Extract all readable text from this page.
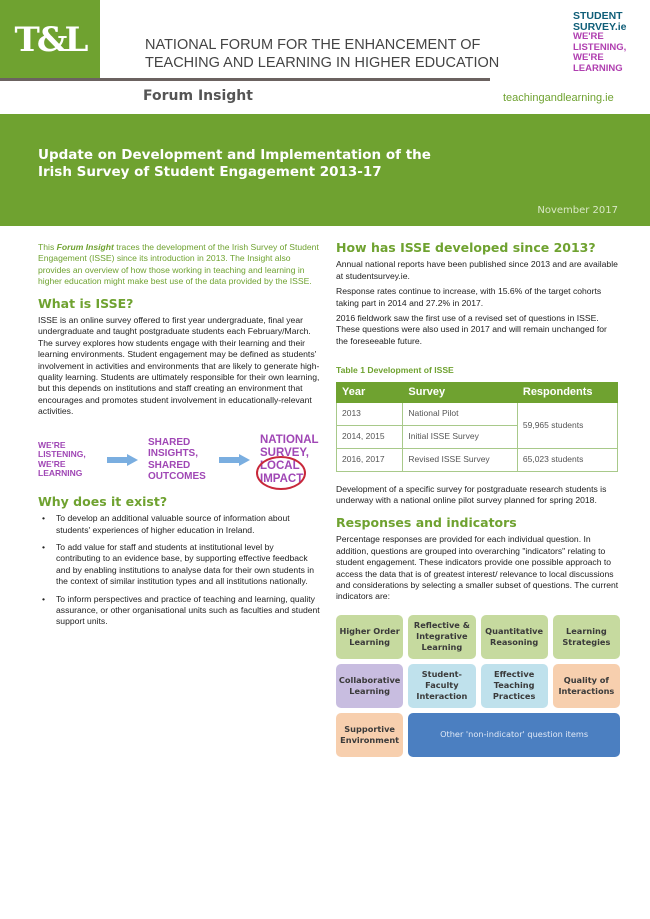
T&L	NATIONAL FORUM FOR THE ENHANCEMENT OF
TEACHING AND LEARNING IN HIGHER EDUCATION
STUDENT
SURVEY.ie
WE'RE
LISTENING,
WE'RE
LEARNING
Forum Insight	teachingandlearning.ie
Update on Development and Implementation of the
Irish Survey of Student Engagement 2013-17
November 2017

This Forum Insight traces the development of the Irish Survey of Student Engagement (ISSE) since its introduction in 2013. The Insight also provides an overview of how those working in teaching and learning in higher education might make best use of the data provided by the ISSE.

What is ISSE?

ISSE is an online survey offered to first year undergraduate, final year undergraduate and taught postgraduate students each February/March. The survey explores how students engage with their learning and their learning environments. Student engagement may be defined as students' involvement in activities and environments that are likely to generate high-quality learning. Students are ultimately responsible for their own learning, but this depends on institutions and staff creating an environment that encourages and promotes student involvement in educationally-relevant activities.

WE'RE LISTENING, WE'RE LEARNING
SHARED INSIGHTS, SHARED OUTCOMES
NATIONAL SURVEY, LOCAL IMPACT
Why does it exist?
• To develop an additional valuable source of information about students' experiences of higher education in Ireland.
• To add value for staff and students at institutional level by contributing to an evidence base, by supporting effective feedback and by enabling institutions to analyse data for their own students in the context of similar institution types and all institutions nationally.
• To inform perspectives and practice of teaching and learning, quality assurance, or other organisational units such as faculties and student support units.
How has ISSE developed since 2013?

Annual national reports have been published since 2013 and are available at studentsurvey.ie.

Response rates continue to increase, with 15.6% of the target cohorts taking part in 2014 and 27.2% in 2017.

2016 fieldwork saw the first use of a revised set of questions in ISSE. These questions were also used in 2017 and will remain unchanged for the foreseeable future.

Table 1 Development of ISSE
Year	Survey	Respondents
2013	National Pilot	59,965 students
2014, 2015	Initial ISSE Survey	
2016, 2017	Revised ISSE Survey	65,023 students

Development of a specific survey for postgraduate research students is underway with a national online pilot survey planned for spring 2018.

Responses and indicators

Percentage responses are provided for each individual question. In addition, questions are grouped into overarching "indicators" relating to student engagement. These indicators provide one possible approach to access the data that is of greatest interest/ relevance to local discussions and considerations by selecting a smaller subset of questions. The current indicators are:

Higher Order Learning
Reflective & Integrative Learning
Quantitative Reasoning
Learning Strategies
Collaborative Learning
Student-Faculty Interaction
Effective Teaching Practices
Quality of Interactions
Supportive Environment
Other 'non-indicator' question items
